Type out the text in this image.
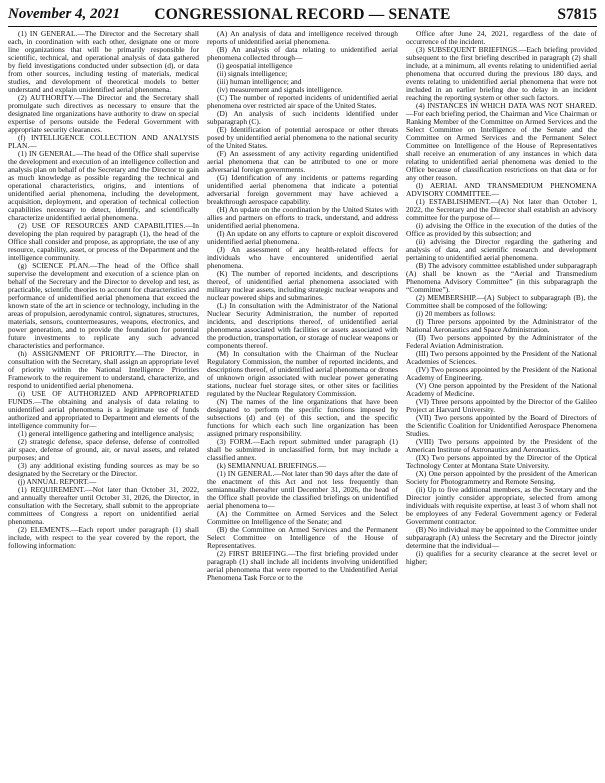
November 4, 2021	CONGRESSIONAL RECORD — SENATE	S7815

(1) IN GENERAL.—The Director and the Secretary shall each, in coordination with each other, designate one or more line organizations that will be primarily responsible for scientific, technical, and operational analysis of data gathered by field investigations conducted under subsection (d), or data from other sources, including testing of materials, medical studies, and development of theoretical models to better understand and explain unidentified aerial phenomena.

(2) AUTHORITY.—The Director and the Secretary shall promulgate such directives as necessary to ensure that the designated line organizations have authority to draw on special expertise of persons outside the Federal Government with appropriate security clearances.

(f) INTELLIGENCE COLLECTION AND ANALYSIS PLAN.—

(1) IN GENERAL.—The head of the Office shall supervise the development and execution of an intelligence collection and analysis plan on behalf of the Secretary and the Director to gain as much knowledge as possible regarding the technical and operational characteristics, origins, and intentions of unidentified aerial phenomena, including the development, acquisition, deployment, and operation of technical collection capabilities necessary to detect, identify, and scientifically characterize unidentified aerial phenomena.

(2) USE OF RESOURCES AND CAPABILITIES.—In developing the plan required by paragraph (1), the head of the Office shall consider and propose, as appropriate, the use of any resource, capability, asset, or process of the Department and the intelligence community.

(g) SCIENCE PLAN.—The head of the Office shall supervise the development and execution of a science plan on behalf of the Secretary and the Director to develop and test, as practicable, scientific theories to account for characteristics and performance of unidentified aerial phenomena that exceed the known state of the art in science or technology, including in the areas of propulsion, aerodynamic control, signatures, structures, materials, sensors, countermeasures, weapons, electronics, and power generation, and to provide the foundation for potential future investments to replicate any such advanced characteristics and performance.

(h) ASSIGNMENT OF PRIORITY.—The Director, in consultation with the Secretary, shall assign an appropriate level of priority within the National Intelligence Priorities Framework to the requirement to understand, characterize, and respond to unidentified aerial phenomena.

(i) USE OF AUTHORIZED AND APPROPRIATED FUNDS.—The obtaining and analysis of data relating to unidentified aerial phenomena is a legitimate use of funds authorized and appropriated to Department and elements of the intelligence community for—

(1) general intelligence gathering and intelligence analysis;

(2) strategic defense, space defense, defense of controlled air space, defense of ground, air, or naval assets, and related purposes; and

(3) any additional existing funding sources as may be so designated by the Secretary or the Director.

(j) ANNUAL REPORT.—

(1) REQUIREMENT.—Not later than October 31, 2022, and annually thereafter until October 31, 2026, the Director, in consultation with the Secretary, shall submit to the appropriate committees of Congress a report on unidentified aerial phenomena.

(2) ELEMENTS.—Each report under paragraph (1) shall include, with respect to the year covered by the report, the following information:

(A) An analysis of data and intelligence received through reports of unidentified aerial phenomena.

(B) An analysis of data relating to unidentified aerial phenomena collected through—

(i) geospatial intelligence

(ii) signals intelligence;

(iii) human intelligence; and

(iv) measurement and signals intelligence.

(C) The number of reported incidents of unidentified aerial phenomena over restricted air space of the United States.

(D) An analysis of such incidents identified under subparagraph (C).

(E) Identification of potential aerospace or other threats posed by unidentified aerial phenomena to the national security of the United States.

(F) An assessment of any activity regarding unidentified aerial phenomena that can be attributed to one or more adversarial foreign governments.

(G) Identification of any incidents or patterns regarding unidentified aerial phenomena that indicate a potential adversarial foreign government may have achieved a breakthrough aerospace capability.

(H) An update on the coordination by the United States with allies and partners on efforts to track, understand, and address unidentified aerial phenomena.

(I) An update on any efforts to capture or exploit discovered unidentified aerial phenomena.

(J) An assessment of any health-related effects for individuals who have encountered unidentified aerial phenomena.

(K) The number of reported incidents, and descriptions thereof, of unidentified aerial phenomena associated with military nuclear assets, including strategic nuclear weapons and nuclear powered ships and submarines.

(L) In consultation with the Administrator of the National Nuclear Security Administration, the number of reported incidents, and descriptions thereof, of unidentified aerial phenomena associated with facilities or assets associated with the production, transportation, or storage of nuclear weapons or components thereof.

(M) In consultation with the Chairman of the Nuclear Regulatory Commission, the number of reported incidents, and descriptions thereof, of unidentified aerial phenomena or drones of unknown origin associated with nuclear power generating stations, nuclear fuel storage sites, or other sites or facilities regulated by the Nuclear Regulatory Commission.

(N) The names of the line organizations that have been designated to perform the specific functions imposed by subsections (d) and (e) of this section, and the specific functions for which each such line organization has been assigned primary responsibility.

(3) FORM.—Each report submitted under paragraph (1) shall be submitted in unclassified form, but may include a classified annex.

(k) SEMIANNUAL BRIEFINGS.—

(1) IN GENERAL.—Not later than 90 days after the date of the enactment of this Act and not less frequently than semiannually thereafter until December 31, 2026, the head of the Office shall provide the classified briefings on unidentified aerial phenomena to—

(A) the Committee on Armed Services and the Select Committee on Intelligence of the Senate; and

(B) the Committee on Armed Services and the Permanent Select Committee on Intelligence of the House of Representatives.

(2) FIRST BRIEFING.—The first briefing provided under paragraph (1) shall include all incidents involving unidentified aerial phenomena that were reported to the Unidentified Aerial Phenomena Task Force or to the

Office after June 24, 2021, regardless of the date of occurrence of the incident.

(3) SUBSEQUENT BRIEFINGS.—Each briefing provided subsequent to the first briefing described in paragraph (2) shall include, at a minimum, all events relating to unidentified aerial phenomena that occurred during the previous 180 days, and events relating to unidentified aerial phenomena that were not included in an earlier briefing due to delay in an incident reaching the reporting system or other such factors.

(4) INSTANCES IN WHICH DATA WAS NOT SHARED.—For each briefing period, the Chairman and Vice Chairman or Ranking Member of the Committee on Armed Services and the Select Committee on Intelligence of the Senate and the Committee on Armed Services and the Permanent Select Committee on Intelligence of the House of Representatives shall receive an enumeration of any instances in which data relating to unidentified aerial phenomena was denied to the Office because of classification restrictions on that data or for any other reason.

(l) AERIAL AND TRANSMEDIUM PHENOMENA ADVISORY COMMITTEE.—

(1) ESTABLISHMENT.—(A) Not later than October 1, 2022, the Secretary and the Director shall establish an advisory committee for the purpose of—

(i) advising the Office in the execution of the duties of the Office as provided by this subsection; and

(ii) advising the Director regarding the gathering and analysis of data, and scientific research and development pertaining to unidentified aerial phenomena.

(B) The advisory committee established under subparagraph (A) shall be known as the “Aerial and Transmedium Phenomena Advisory Committee” (in this subparagraph the “Committee”).

(2) MEMBERSHIP.—(A) Subject to subparagraph (B), the Committee shall be composed of the following:

(i) 20 members as follows:

(I) Three persons appointed by the Administrator of the National Aeronautics and Space Administration.

(II) Two persons appointed by the Administrator of the Federal Aviation Administration.

(III) Two persons appointed by the President of the National Academies of Sciences.

(IV) Two persons appointed by the President of the National Academy of Engineering.

(V) One person appointed by the President of the National Academy of Medicine.

(VI) Three persons appointed by the Director of the Galileo Project at Harvard University.

(VII) Two persons appointed by the Board of Directors of the Scientific Coalition for Unidentified Aerospace Phenomena Studies.

(VIII) Two persons appointed by the President of the American Institute of Astronautics and Aeronautics.

(IX) Two persons appointed by the Director of the Optical Technology Center at Montana State University.

(X) One person appointed by the president of the American Society for Photogrammetry and Remote Sensing.

(ii) Up to five additional members, as the Secretary and the Director jointly consider appropriate, selected from among individuals with requisite expertise, at least 3 of whom shall not be employees of any Federal Government agency or Federal Government contractor.

(B) No individual may be appointed to the Committee under subparagraph (A) unless the Secretary and the Director jointly determine that the individual—

(i) qualifies for a security clearance at the secret level or higher;
